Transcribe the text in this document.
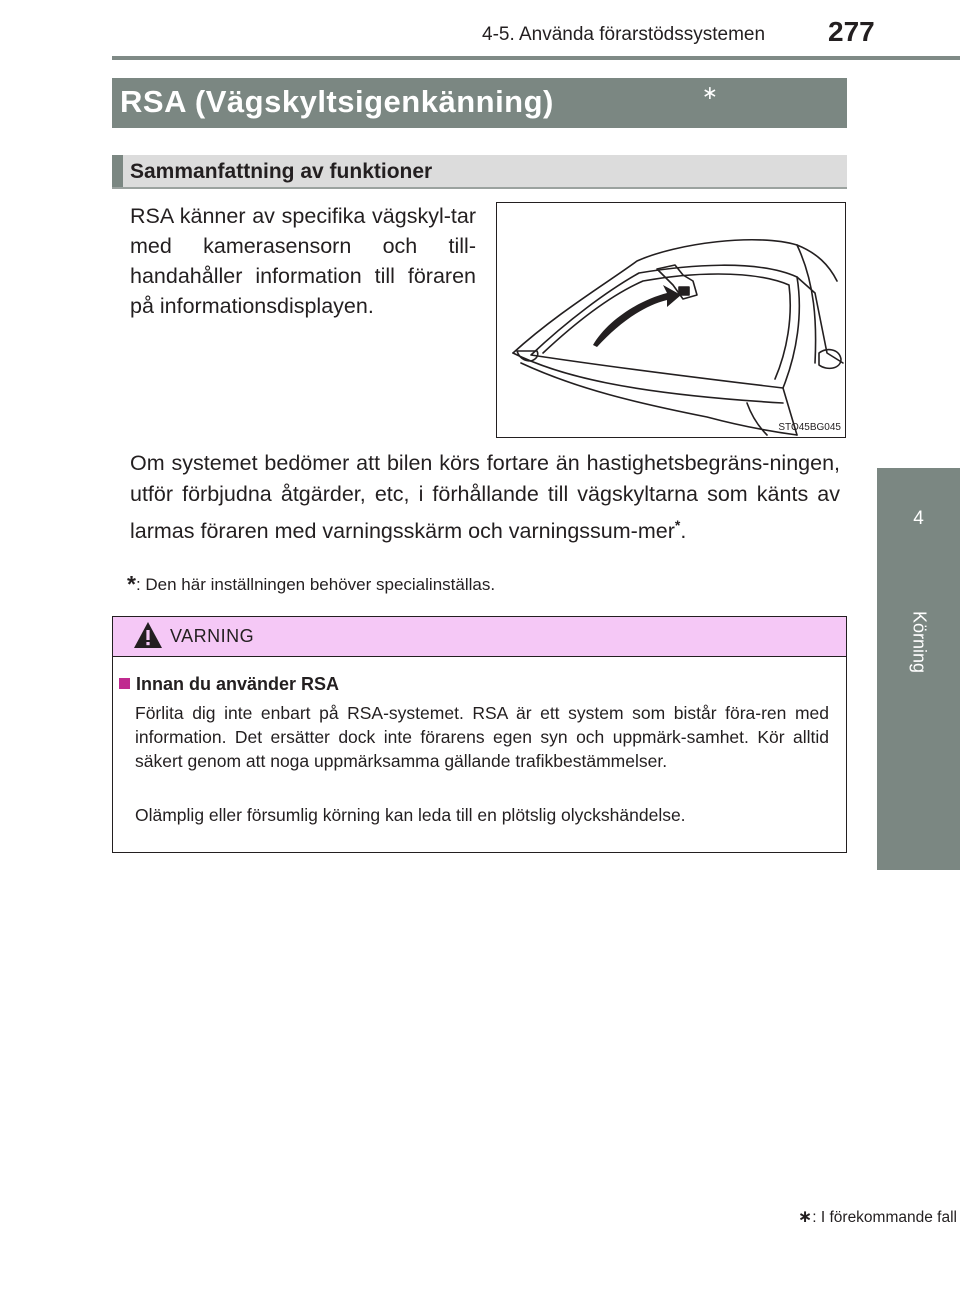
4-5. Använda förarstödssystemen 277
4
Körning
RSA (Vägskyltsigenkänning)	∗
Sammanfattning av funktioner

RSA känner av specifika vägskyl-tar med kamerasensorn och till-handahåller information till föraren på informationsdisplayen.

STO45BG045

Om systemet bedömer att bilen körs fortare än hastighetsbegräns-ningen, utför förbjudna åtgärder, etc, i förhållande till vägskyltarna som känts av larmas föraren med varningsskärm och varningssum-mer*.

*: Den här inställningen behöver specialinställas.
VARNING
Innan du använder RSA

Förlita dig inte enbart på RSA-systemet. RSA är ett system som bistår föra-ren med information. Det ersätter dock inte förarens egen syn och uppmärk-samhet. Kör alltid säkert genom att noga uppmärksamma gällande trafikbestämmelser.

Olämplig eller försumlig körning kan leda till en plötslig olyckshändelse.

∗: I förekommande fall
